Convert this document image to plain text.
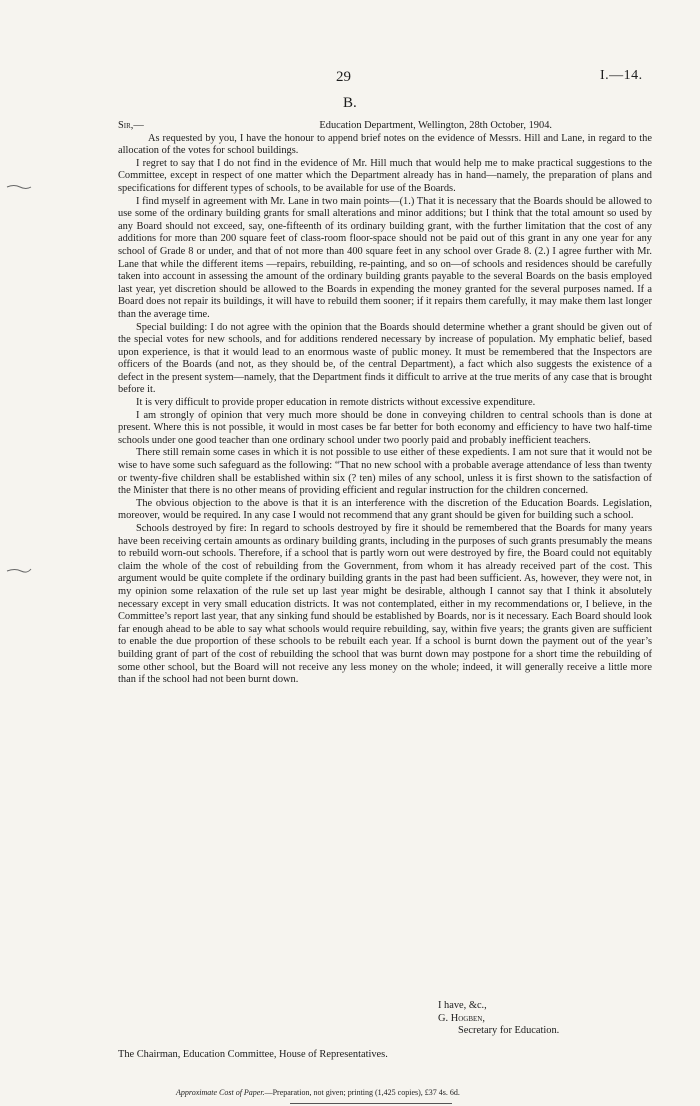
29	I.—14.
B.
Sir,—	Education Department, Wellington, 28th October, 1904.

As requested by you, I have the honour to append brief notes on the evidence of Messrs. Hill and Lane, in regard to the allocation of the votes for school buildings.

I regret to say that I do not find in the evidence of Mr. Hill much that would help me to make practical suggestions to the Committee, except in respect of one matter which the Department already has in hand—namely, the preparation of plans and specifications for different types of schools, to be available for use of the Boards.

I find myself in agreement with Mr. Lane in two main points—(1.) That it is necessary that the Boards should be allowed to use some of the ordinary building grants for small alterations and minor additions; but I think that the total amount so used by any Board should not exceed, say, one-fifteenth of its ordinary building grant, with the further limitation that the cost of any additions for more than 200 square feet of class-room floor-space should not be paid out of this grant in any one year for any school of Grade 8 or under, and that of not more than 400 square feet in any school over Grade 8. (2.) I agree further with Mr. Lane that while the different items —repairs, rebuilding, re-painting, and so on—of schools and residences should be carefully taken into account in assessing the amount of the ordinary building grants payable to the several Boards on the basis employed last year, yet discretion should be allowed to the Boards in expending the money granted for the several purposes named. If a Board does not repair its buildings, it will have to rebuild them sooner; if it repairs them carefully, it may make them last longer than the average time.

Special building: I do not agree with the opinion that the Boards should determine whether a grant should be given out of the special votes for new schools, and for additions rendered necessary by increase of population. My emphatic belief, based upon experience, is that it would lead to an enormous waste of public money. It must be remembered that the Inspectors are officers of the Boards (and not, as they should be, of the central Department), a fact which also suggests the existence of a defect in the present system—namely, that the Department finds it difficult to arrive at the true merits of any case that is brought before it.

It is very difficult to provide proper education in remote districts without excessive expenditure.

I am strongly of opinion that very much more should be done in conveying children to central schools than is done at present. Where this is not possible, it would in most cases be far better for both economy and efficiency to have two half-time schools under one good teacher than one ordinary school under two poorly paid and probably inefficient teachers.

There still remain some cases in which it is not possible to use either of these expedients. I am not sure that it would not be wise to have some such safeguard as the following: “That no new school with a probable average attendance of less than twenty or twenty-five children shall be established within six (? ten) miles of any school, unless it is first shown to the satisfaction of the Minister that there is no other means of providing efficient and regular instruction for the children concerned.

The obvious objection to the above is that it is an interference with the discretion of the Education Boards. Legislation, moreover, would be required. In any case I would not recommend that any grant should be given for building such a school.

Schools destroyed by fire: In regard to schools destroyed by fire it should be remembered that the Boards for many years have been receiving certain amounts as ordinary building grants, including in the purposes of such grants presumably the means to rebuild worn-out schools. Therefore, if a school that is partly worn out were destroyed by fire, the Board could not equitably claim the whole of the cost of rebuilding from the Government, from whom it has already received part of the cost. This argument would be quite complete if the ordinary building grants in the past had been sufficient. As, however, they were not, in my opinion some relaxation of the rule set up last year might be desirable, although I cannot say that I think it absolutely necessary except in very small education districts. It was not contemplated, either in my recommendations or, I believe, in the Committee’s report last year, that any sinking fund should be established by Boards, nor is it necessary. Each Board should look far enough ahead to be able to say what schools would require rebuilding, say, within five years; the grants given are sufficient to enable the due proportion of these schools to be rebuilt each year. If a school is burnt down the payment out of the year’s building grant of part of the cost of rebuilding the school that was burnt down may postpone for a short time the rebuilding of some other school, but the Board will not receive any less money on the whole; indeed, it will generally receive a little more than if the school had not been burnt down.

I have, &c.,
G. Hogben,
Secretary for Education.
The Chairman, Education Committee, House of Representatives.
Approximate Cost of Paper.—Preparation, not given; printing (1,425 copies), £37 4s. 6d.
